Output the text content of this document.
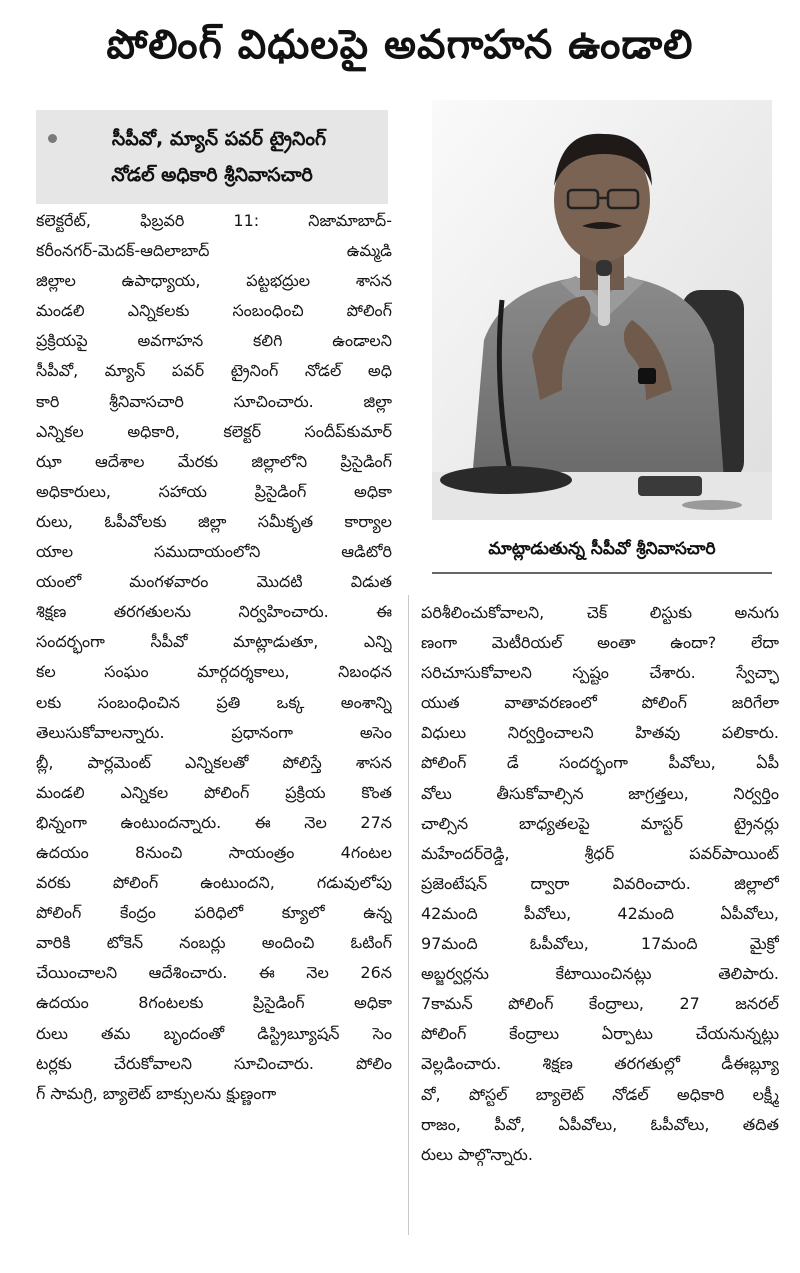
పోలింగ్ విధులపై అవగాహన ఉండాలి
సీపీవో, మ్యాన్ పవర్ ట్రైనింగ్
నోడల్ అధికారి శ్రీనివాసచారి
మాట్లాడుతున్న సీపీవో శ్రీనివాసచారి
కలెక్టరేట్, ఫిబ్రవరి 11: నిజామాబాద్-
కరీంనగర్-మెదక్-ఆదిలాబాద్ ఉమ్మడి
జిల్లాల ఉపాధ్యాయ, పట్టభద్రుల శాసన
మండలి ఎన్నికలకు సంబంధించి పోలింగ్
ప్రక్రియపై అవగాహన కలిగి ఉండాలని
సీపీవో, మ్యాన్ పవర్ ట్రైనింగ్ నోడల్ అధి
కారి శ్రీనివాసచారి సూచించారు. జిల్లా
ఎన్నికల అధికారి, కలెక్టర్ సందీప్‌కుమార్
ఝా ఆదేశాల మేరకు జిల్లాలోని ప్రిసైడింగ్
అధికారులు, సహాయ ప్రిసైడింగ్ అధికా
రులు, ఓపీవోలకు జిల్లా సమీకృత కార్యాల
యాల సముదాయంలోని ఆడిటోరి
యంలో మంగళవారం మొదటి విడుత
శిక్షణ తరగతులను నిర్వహించారు. ఈ
సందర్భంగా సీపీవో మాట్లాడుతూ, ఎన్ని
కల సంఘం మార్గదర్శకాలు, నిబంధన
లకు సంబంధించిన ప్రతి ఒక్క అంశాన్ని
తెలుసుకోవాలన్నారు. ప్రధానంగా అసెం
బ్లీ, పార్లమెంట్ ఎన్నికలతో పోలిస్తే శాసన
మండలి ఎన్నికల పోలింగ్ ప్రక్రియ కొంత
భిన్నంగా ఉంటుందన్నారు. ఈ నెల 27న
ఉదయం 8నుంచి సాయంత్రం 4గంటల
వరకు పోలింగ్ ఉంటుందని, గడువులోపు
పోలింగ్ కేంద్రం పరిధిలో క్యూలో ఉన్న
వారికి టోకెన్ నంబర్లు అందించి ఓటింగ్
చేయించాలని ఆదేశించారు. ఈ నెల 26న
ఉదయం 8గంటలకు ప్రిసైడింగ్ అధికా
రులు తమ బృందంతో డిస్ట్రిబ్యూషన్ సెం
టర్లకు చేరుకోవాలని సూచించారు. పోలిం
గ్ సామగ్రి, బ్యాలెట్ బాక్సులను క్షుణ్ణంగా
పరిశీలించుకోవాలని, చెక్ లిస్టుకు అనుగు
ణంగా మెటీరియల్ అంతా ఉందా? లేదా
సరిచూసుకోవాలని స్పష్టం చేశారు. స్వేచ్ఛా
యుత వాతావరణంలో పోలింగ్ జరిగేలా
విధులు నిర్వర్తించాలని హితవు పలికారు.
పోలింగ్ డే సందర్భంగా పీవోలు, ఏపీ
వోలు తీసుకోవాల్సిన జాగ్రత్తలు, నిర్వర్తిం
చాల్సిన బాధ్యతలపై మాస్టర్ ట్రైనర్లు
మహేందర్‌రెడ్డి, శ్రీధర్ పవర్‌పాయింట్
ప్రజెంటేషన్ ద్వారా వివరించారు. జిల్లాలో
42మంది పీవోలు, 42మంది ఏపీవోలు,
97మంది ఓపీవోలు, 17మంది మైక్రో
అబ్జర్వర్లను కేటాయించినట్లు తెలిపారు.
7కామన్ పోలింగ్ కేంద్రాలు, 27 జనరల్
పోలింగ్ కేంద్రాలు ఏర్పాటు చేయనున్నట్లు
వెల్లడించారు. శిక్షణ తరగతుల్లో డీఈబ్ల్యూ
వో, పోస్టల్ బ్యాలెట్ నోడల్ అధికారి లక్ష్మీ
రాజం, పీవో, ఏపీవోలు, ఓపీవోలు, తదిత
రులు పాల్గొన్నారు.
